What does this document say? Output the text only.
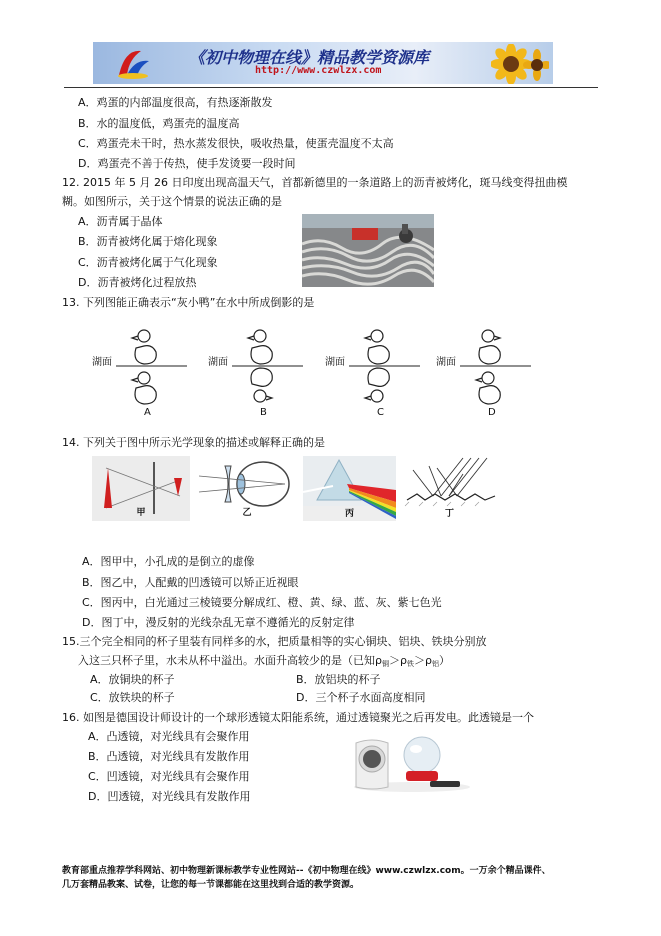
《初中物理在线》精品教学资源库
http://www.czwlzx.com
A．鸡蛋的内部温度很高，有热逐渐散发
B．水的温度低，鸡蛋壳的温度高
C．鸡蛋壳未干时，热水蒸发很快，吸收热量，使蛋壳温度不太高
D．鸡蛋壳不善于传热，使手发烫要一段时间
12. 2015 年 5 月 26 日印度出现高温天气，首都新德里的一条道路上的沥青被烤化，斑马线变得扭曲模
糊。如图所示，关于这个情景的说法正确的是
A．沥青属于晶体
B．沥青被烤化属于熔化现象
C．沥青被烤化属于气化现象
D．沥青被烤化过程放热
13. 下列图能正确表示“灰小鸭”在水中所成倒影的是
湖面
A
湖面
B
湖面
C
湖面
D
14. 下列关于图中所示光学现象的描述或解释正确的是
甲	乙	丙	丁
A．图甲中，小孔成的是倒立的虚像
B．图乙中，人配戴的凹透镜可以矫正近视眼
C．图丙中，白光通过三棱镜要分解成红、橙、黄、绿、蓝、灰、紫七色光
D．图丁中，漫反射的光线杂乱无章不遵循光的反射定律
15.三个完全相同的杯子里装有同样多的水，把质量相等的实心铜块、铝块、铁块分别放
入这三只杯子里，水未从杯中溢出。水面升高较少的是（已知$\rho_铜>\rho_铁>\rho_铝$）
A．放铜块的杯子	B．放铝块的杯子
C．放铁块的杯子	D．三个杯子水面高度相同
16. 如图是德国设计师设计的一个球形透镜太阳能系统，通过透镜聚光之后再发电。此透镜是一个
A．凸透镜，对光线具有会聚作用
B．凸透镜，对光线具有发散作用
C．凹透镜，对光线具有会聚作用
D．凹透镜，对光线具有发散作用
教育部重点推荐学科网站、初中物理新课标教学专业性网站--《初中物理在线》www.czwlzx.com。一万余个精品课件、
几万套精品教案、试卷，让您的每一节课都能在这里找到合适的教学资源。
